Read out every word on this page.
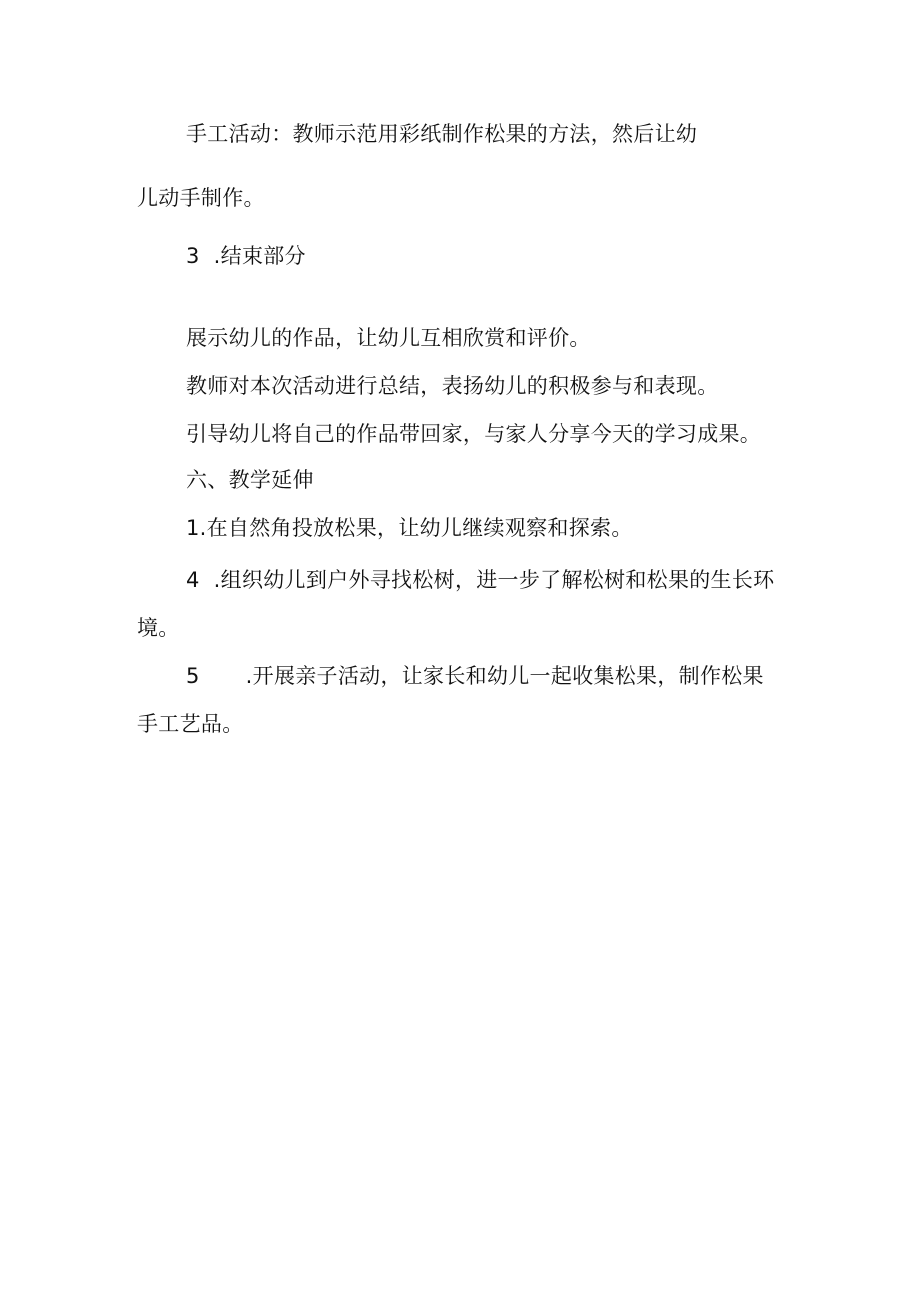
手工活动：教师示范用彩纸制作松果的方法，然后让幼
儿动手制作。
3 .结束部分
展示幼儿的作品，让幼儿互相欣赏和评价。
教师对本次活动进行总结，表扬幼儿的积极参与和表现。
引导幼儿将自己的作品带回家，与家人分享今天的学习成果。
六、教学延伸
1.在自然角投放松果，让幼儿继续观察和探索。
4 .组织幼儿到户外寻找松树，进一步了解松树和松果的生长环
境。
5 .开展亲子活动，让家长和幼儿一起收集松果，制作松果
手工艺品。
